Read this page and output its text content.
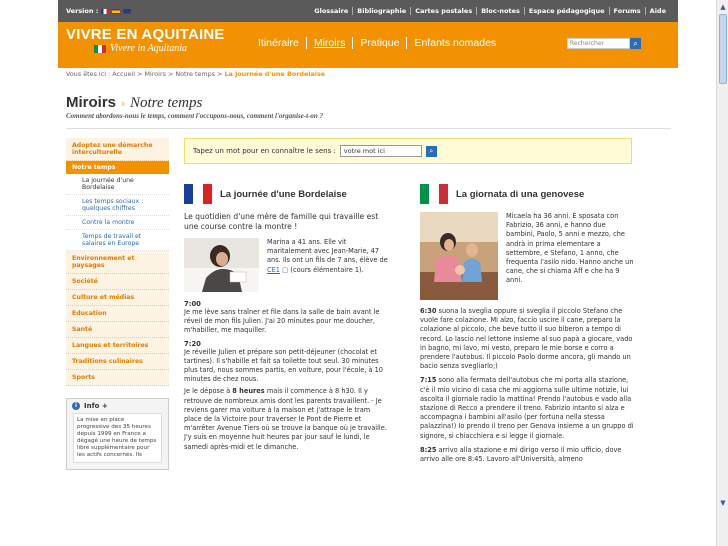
Version :	Glossaire	Bibliographie	Cartes postales	Bloc-notes	Espace pédagogique	Forums	Aide
VIVRE EN AQUITAINE
Vivere in Aquitania	Itinéraire	Miroirs	Pratique	Enfants nomades	Rechercher	⌕
Vous êtes ici : Accueil > Miroirs > Notre temps > La journée d'une Bordelaise
Miroirs › Notre temps
Comment abordons-nous le temps, comment l'occupons-nous, comment l'organise-t-on ?
Adoptez une démarche interculturelle
Notre temps
La journée d'une Bordelaise
Les temps sociaux : quelques chiffres
Contre la montre
Temps de travail et salaires en Europe
Environnement et paysages
Société
Culture et médias
Education
Santé
Langues et territoires
Traditions culinaires
Sports
i Info +
La mise en place progressive des 35 heures depuis 1999 en France a dégagé une heure de temps libre supplémentaire pour les actifs concernés. Ils
Tapez un mot pour en connaître le sens :	votre mot ici	⌕
La journée d'une Bordelaise
Le quotidien d'une mère de famille qui travaille est une course contre la montre !
Marina a 41 ans. Elle vit maritalement avec Jean-Marie, 47 ans. Ils ont un fils de 7 ans, élève de CE1 ▢ (cours élémentaire 1).
7:00
Je me lève sans traîner et file dans la salle de bain avant le réveil de mon fils Julien. J'ai 20 minutes pour me doucher, m'habiller, me maquiller.
7:20
Je réveille Julien et prépare son petit-déjeuner (chocolat et tartines). Il s'habille et fait sa toilette tout seul. 30 minutes plus tard, nous sommes partis, en voiture, pour l'école, à 10 minutes de chez nous.
Je le dépose à 8 heures mais il commence à 8 h30. Il y retrouve de nombreux amis dont les parents travaillent. - Je reviens garer ma voiture à la maison et j'attrape le tram place de la Victoire pour traverser le Pont de Pierre et m'arrêter Avenue Tiers où se trouve la banque où je travaille. J'y suis en moyenne huit heures par jour sauf le lundi, le samedi après-midi et le dimanche.
La giornata di una genovese
Micaela ha 36 anni. È sposata con Fabrizio, 36 anni, e hanno due bambini, Paolo, 5 anni e mezzo, che andrà in prima elementare a settembre, e Stefano, 1 anno, che frequenta l'asilo nido. Hanno anche un cane, che si chiama Aff e che ha 9 anni.
6:30 suona la sveglia oppure si sveglia il piccolo Stefano che vuole fare colazione. Mi alzo, faccio uscire il cane, preparo la colazione al piccolo, che beve tutto il suo biberon a tempo di record. Lo lascio nel lettone insieme al suo papà a giocare, vado in bagno, mi lavo, mi vesto, preparo le mie borse e corro a prendere l'autobus. Il piccolo Paolo dorme ancora, gli mando un bacio senza svegliarlo;)
7:15 sono alla fermata dell'autobus che mi porta alla stazione, c'è il mio vicino di casa che mi aggiorna sulle ultime notizie, lui ascolta il giornale radio la mattina! Prendo l'autobus e vado alla stazione di Recco a prendere il treno. Fabrizio intanto si alza e accompagna i bambini all'asilo (per fortuna nella stessa palazzina!) Io prendo il treno per Genova insieme a un gruppo di signore, si chiacchiera e si legge il giornale.
8:25 arrivo alla stazione e mi dirigo verso il mio ufficio, dove arrivo alle ore 8:45. Lavoro all'Università, almeno
▲
▼
